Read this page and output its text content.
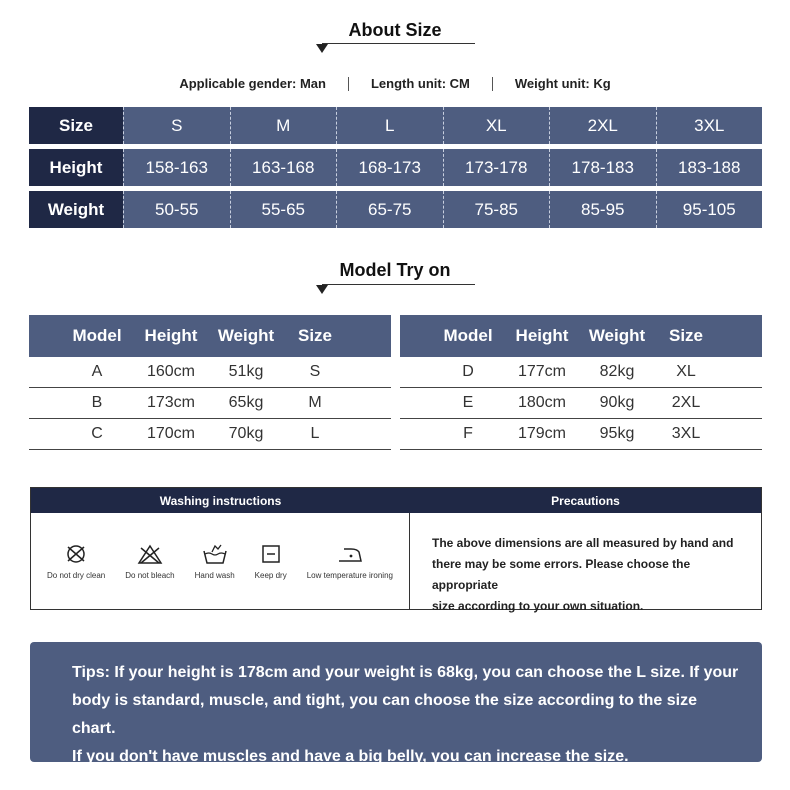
About Size
Applicable gender: Man	Length unit: CM	Weight unit: Kg
Size	S	M	L	XL	2XL	3XL
Height	158-163	163-168	168-173	173-178	178-183	183-188
Weight	50-55	55-65	65-75	75-85	85-95	95-105
Model Try on
Model	Height	Weight	Size
A	160cm	51kg	S
B	173cm	65kg	M
C	170cm	70kg	L
Model	Height	Weight	Size
D	177cm	82kg	XL
E	180cm	90kg	2XL
F	179cm	95kg	3XL
Washing instructions	Precautions
Do not dry clean	Do not bleach	Hand wash	Keep dry	Low temperature ironing
The above dimensions are all measured by hand and
there may be some errors. Please choose the appropriate
size according to your own situation.
Tips: If your height is 178cm and your weight is 68kg, you can choose the L size. If your
body is standard, muscle, and tight, you can choose the size according to the size chart.
If you don't have muscles and have a big belly, you can increase the size.
